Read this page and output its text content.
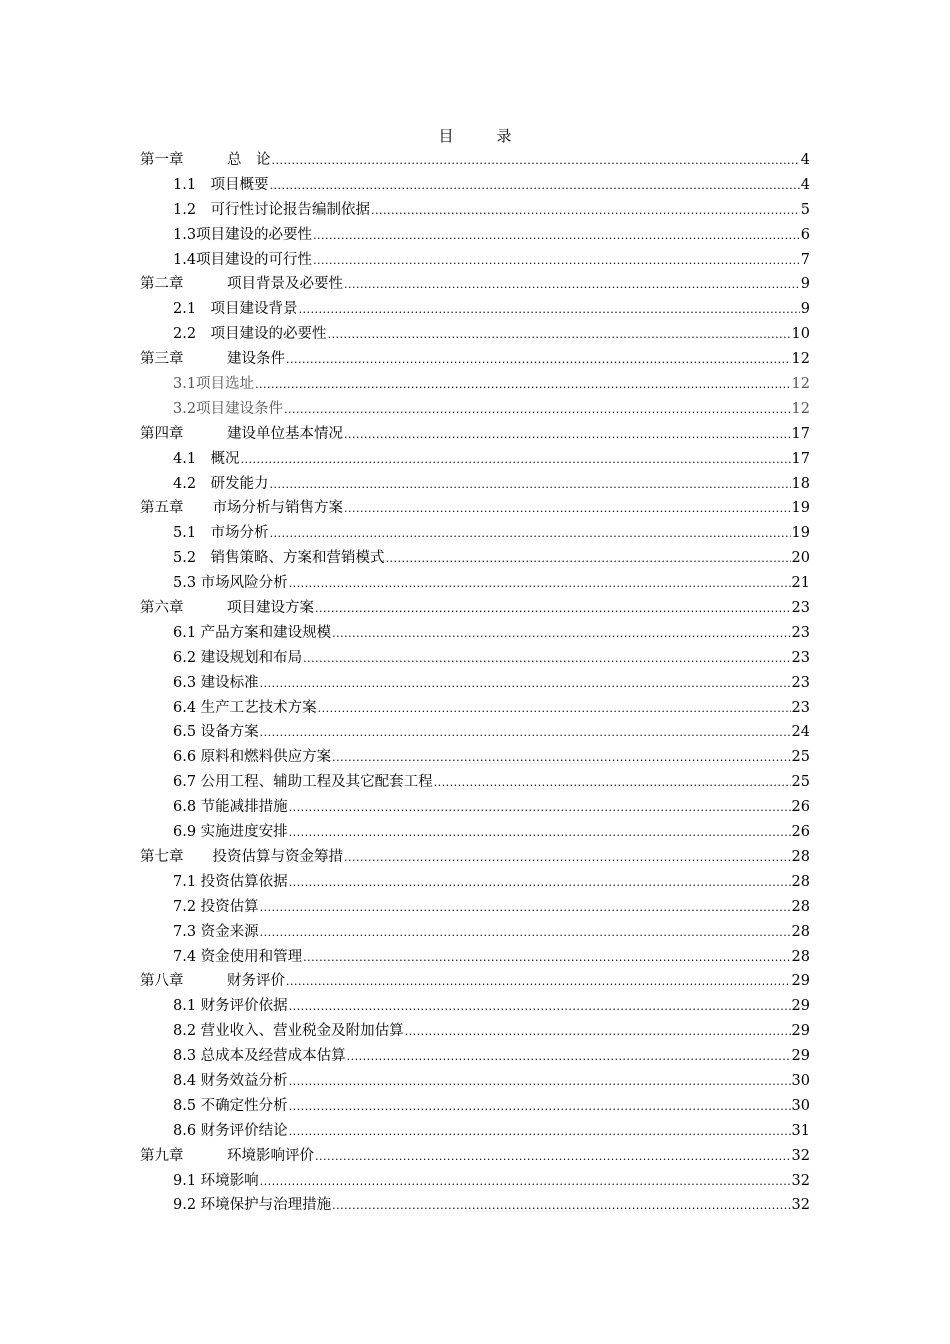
目　录
第一章　　　总　论 .....	4
1.1　项目概要 .....	4
1.2　可行性讨论报告编制依据 .....	5
1.3项目建设的必要性 .....	6
1.4项目建设的可行性 .....	7
第二章　　　项目背景及必要性 .....	9
2.1　项目建设背景 .....	9
2.2　项目建设的必要性 .....	10
第三章　　　建设条件 .....	12
3.1项目选址 .....	12
3.2项目建设条件 .....	12
第四章　　　建设单位基本情况 .....	17
4.1　概况 .....	17
4.2　研发能力 .....	18
第五章　　市场分析与销售方案 .....	19
5.1　市场分析 .....	19
5.2　销售策略、方案和营销模式 .....	20
5.3 市场风险分析 .....	21
第六章　　　项目建设方案 .....	23
6.1 产品方案和建设规模 .....	23
6.2 建设规划和布局 .....	23
6.3 建设标准 .....	23
6.4 生产工艺技术方案 .....	23
6.5 设备方案 .....	24
6.6 原料和燃料供应方案 .....	25
6.7 公用工程、辅助工程及其它配套工程 .....	25
6.8 节能减排措施 .....	26
6.9 实施进度安排 .....	26
第七章　　投资估算与资金筹措 .....	28
7.1 投资估算依据 .....	28
7.2 投资估算 .....	28
7.3 资金来源 .....	28
7.4 资金使用和管理 .....	28
第八章　　　财务评价 .....	29
8.1 财务评价依据 .....	29
8.2 营业收入、营业税金及附加估算 .....	29
8.3 总成本及经营成本估算 .....	29
8.4 财务效益分析 .....	30
8.5 不确定性分析 .....	30
8.6 财务评价结论 .....	31
第九章　　　环境影响评价 .....	32
9.1 环境影响 .....	32
9.2 环境保护与治理措施 .....	32
